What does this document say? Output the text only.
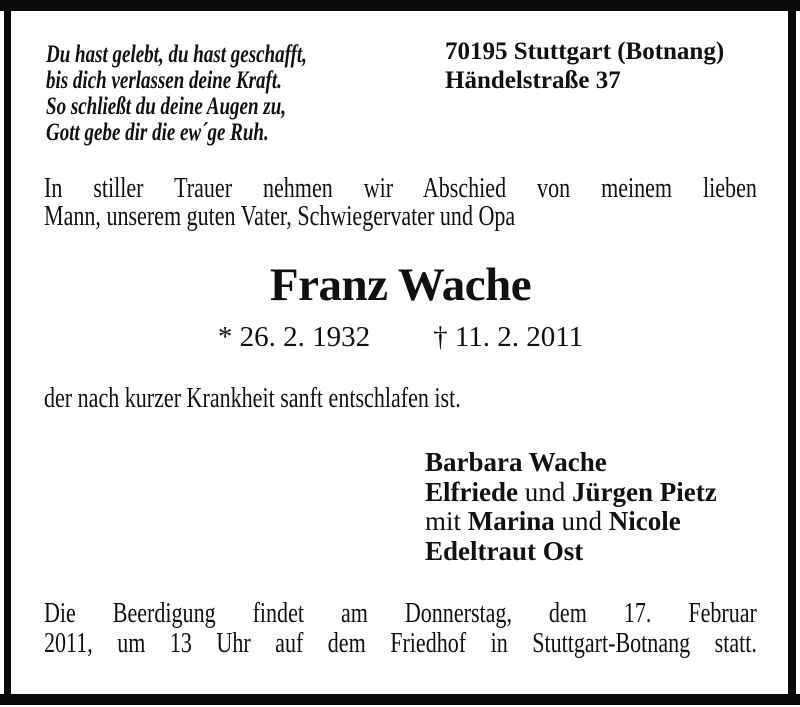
Du hast gelebt, du hast geschafft,
bis dich verlassen deine Kraft.
So schließt du deine Augen zu,
Gott gebe dir die ew´ge Ruh.
70195 Stuttgart (Botnang)
Händelstraße 37
In stiller Trauer nehmen wir Abschied von meinem lieben
Mann, unserem guten Vater, Schwiegervater und Opa
Franz Wache
* 26. 2. 1932 † 11. 2. 2011
der nach kurzer Krankheit sanft entschlafen ist.
Barbara Wache
Elfriede und Jürgen Pietz
mit Marina und Nicole
Edeltraut Ost
Die Beerdigung findet am Donnerstag, dem 17. Februar
2011, um 13 Uhr auf dem Friedhof in Stuttgart-Botnang statt.
